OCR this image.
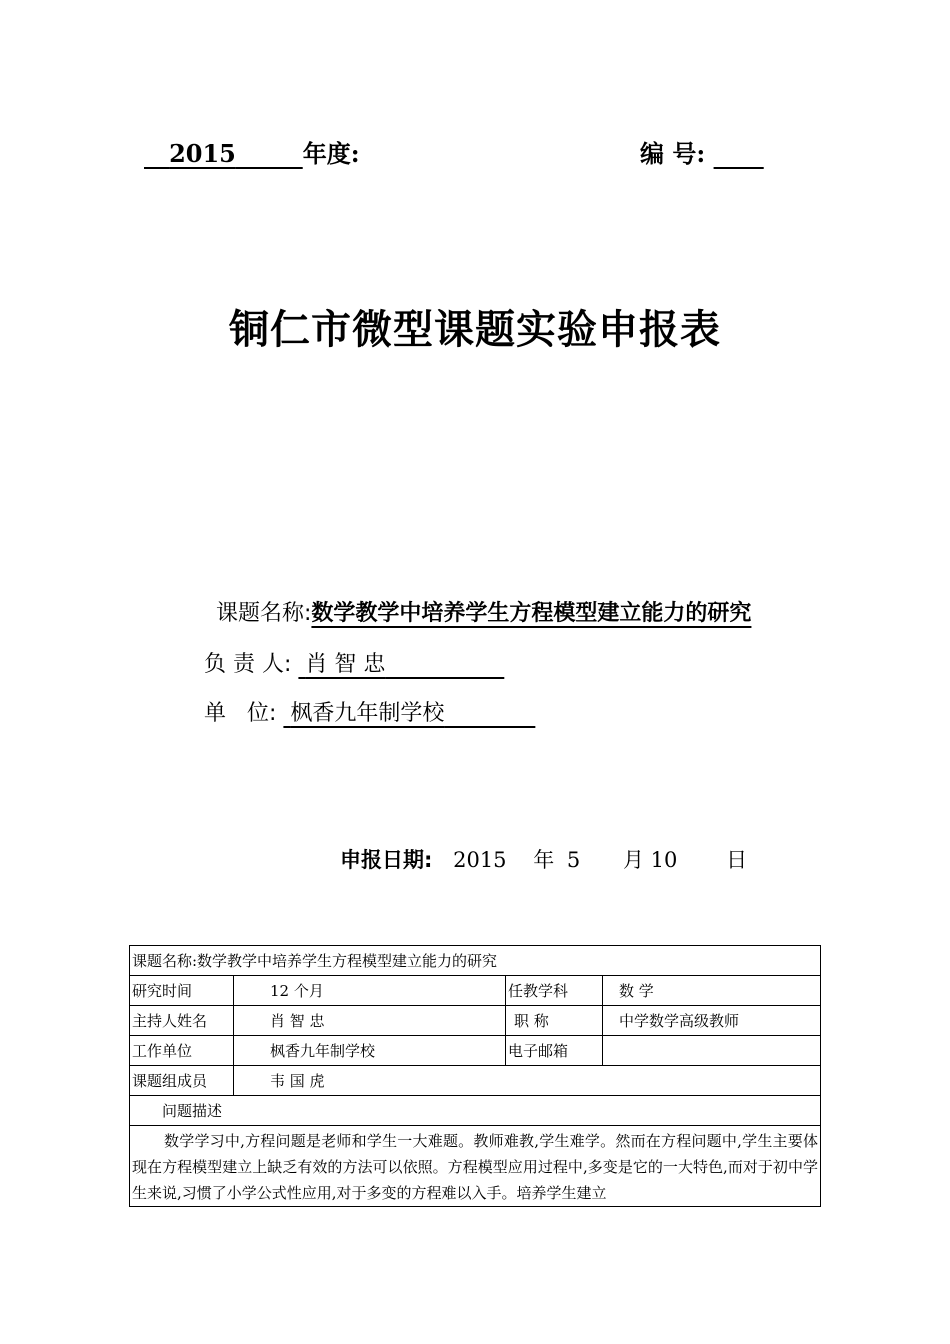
2015	年度:	编 号:
铜仁市微型课题实验申报表
课题名称:数学教学中培养学生方程模型建立能力的研究
负 责 人: 肖 智 忠
单   位: 枫香九年制学校
申报日期: 2015 年 5 月 10 日
课题名称:数学教学中培养学生方程模型建立能力的研究			
研究时间	12 个月	任教学科	数 学
主持人姓名	肖 智 忠	职 称	中学数学高级教师
工作单位	枫香九年制学校	电子邮箱	
课题组成员	韦 国 虎		
问题描述			
数学学习中,方程问题是老师和学生一大难题。教师难教,学生难学。然而在方程问题中,学生主要体现在方程模型建立上缺乏有效的方法可以依照。方程模型应用过程中,多变是它的一大特色,而对于初中学生来说,习惯了小学公式性应用,对于多变的方程难以入手。培养学生建立			
